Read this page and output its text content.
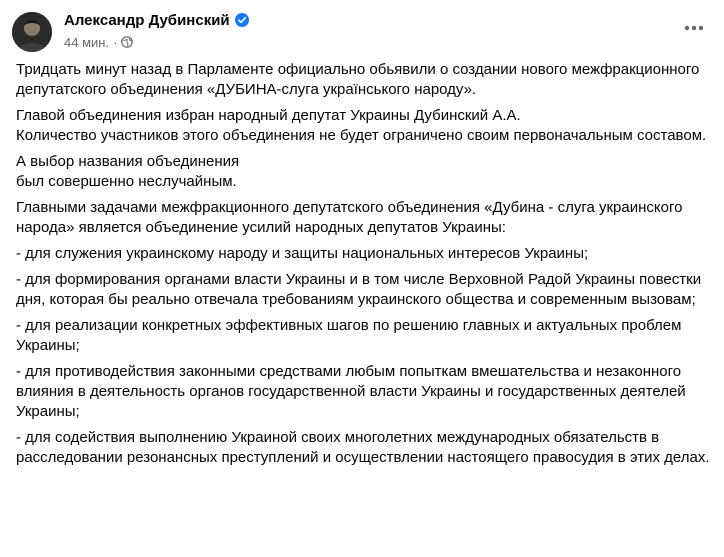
Александр Дубинский
44 мин. ·

Тридцать минут назад в Парламенте официально обьявили о создании нового межфракционного депутатского объединения «ДУБИНА-слуга українського народу».

Главой объединения избран народный депутат Украины Дубинский А.А.
Количество участников этого объединения не будет ограничено своим первоначальным составом.

А выбор названия объединения
был совершенно неслучайным.

Главными задачами межфракционного депутатского объединения «Дубина - слуга украинского народа» является объединение усилий народных депутатов Украины:

- для служения украинскому народу и защиты национальных интересов Украины;

- для формирования органами власти Украины и в том числе Верховной Радой Украины повестки дня, которая бы реально отвечала требованиям украинского общества и современным вызовам;

- для реализации конкретных эффективных шагов по решению главных и актуальных проблем Украины;

- для противодействия законными средствами любым попыткам вмешательства и незаконного влияния в деятельность органов государственной власти Украины и государственных деятелей Украины;

- для содействия выполнению Украиной своих многолетних международных обязательств в расследовании резонансных преступлений и осуществлении настоящего правосудия в этих делах.
